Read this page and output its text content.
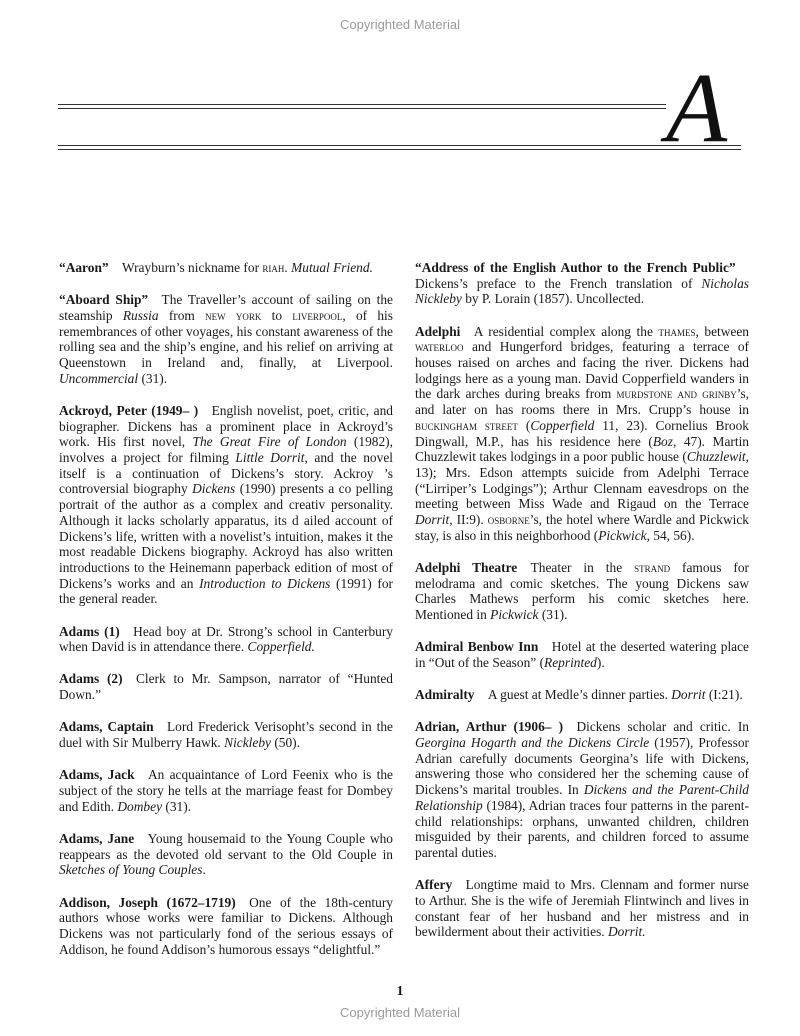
Copyrighted Material
A

“Aaron”  Wrayburn’s nickname for riah. Mutual Friend.

“Aboard Ship”  The Traveller’s account of sailing on the steamship Russia from new york to liverpool, of his remembrances of other voyages, his constant awareness of the rolling sea and the ship’s engine, and his relief on arriving at Queenstown in Ireland and, finally, at Liverpool. Uncommercial (31).

Ackroyd, Peter (1949– )  English novelist, poet, critic, and biographer. Dickens has a prominent place in Ackroyd’s work. His first novel, The Great Fire of London (1982), involves a project for filming Little Dorrit, and the novel itself is a continuation of Dickens’s story. Ackroy ’s controversial biography Dickens (1990) presents a co pelling portrait of the author as a complex and creativ personality. Although it lacks scholarly apparatus, its d ailed account of Dickens’s life, written with a novelist’s intuition, makes it the most readable Dickens biography. Ackroyd has also written introductions to the Heinemann paperback edition of most of Dickens’s works and an Introduction to Dickens (1991) for the general reader.

Adams (1)  Head boy at Dr. Strong’s school in Canterbury when David is in attendance there. Copperfield.

Adams (2)  Clerk to Mr. Sampson, narrator of “Hunted Down.”

Adams, Captain  Lord Frederick Verisopht’s second in the duel with Sir Mulberry Hawk. Nickleby (50).

Adams, Jack  An acquaintance of Lord Feenix who is the subject of the story he tells at the marriage feast for Dombey and Edith. Dombey (31).

Adams, Jane  Young housemaid to the Young Couple who reappears as the devoted old servant to the Old Couple in Sketches of Young Couples.

Addison, Joseph (1672–1719)  One of the 18th-century authors whose works were familiar to Dickens. Although Dickens was not particularly fond of the serious essays of Addison, he found Addison’s humorous essays “delightful.”

“Address of the English Author to the French Public” Dickens’s preface to the French translation of Nicholas Nickleby by P. Lorain (1857). Uncollected.

Adelphi  A residential complex along the thames, between waterloo and Hungerford bridges, featuring a terrace of houses raised on arches and facing the river. Dickens had lodgings here as a young man. David Copperfield wanders in the dark arches during breaks from murdstone and grinby’s, and later on has rooms there in Mrs. Crupp’s house in buckingham street (Copperfield 11, 23). Cornelius Brook Dingwall, M.P., has his residence here (Boz, 47). Martin Chuzzlewit takes lodgings in a poor public house (Chuzzlewit, 13); Mrs. Edson attempts suicide from Adelphi Terrace (“Lirriper’s Lodgings”); Arthur Clennam eavesdrops on the meeting between Miss Wade and Rigaud on the Terrace Dorrit, II:9). osborne’s, the hotel where Wardle and Pickwick stay, is also in this neighborhood (Pickwick, 54, 56).

Adelphi Theatre  Theater in the strand famous for melodrama and comic sketches. The young Dickens saw Charles Mathews perform his comic sketches here. Mentioned in Pickwick (31).

Admiral Benbow Inn  Hotel at the deserted watering place in “Out of the Season” (Reprinted).

Admiralty  A guest at Medle’s dinner parties. Dorrit (I:21).

Adrian, Arthur (1906– )  Dickens scholar and critic. In Georgina Hogarth and the Dickens Circle (1957), Professor Adrian carefully documents Georgina’s life with Dickens, answering those who considered her the scheming cause of Dickens’s marital troubles. In Dickens and the Parent-Child Relationship (1984), Adrian traces four patterns in the parent-child relationships: orphans, unwanted children, children misguided by their parents, and children forced to assume parental duties.

Affery  Longtime maid to Mrs. Clennam and former nurse to Arthur. She is the wife of Jeremiah Flintwinch and lives in constant fear of her husband and her mistress and in bewilderment about their activities. Dorrit.

1
Copyrighted Material
